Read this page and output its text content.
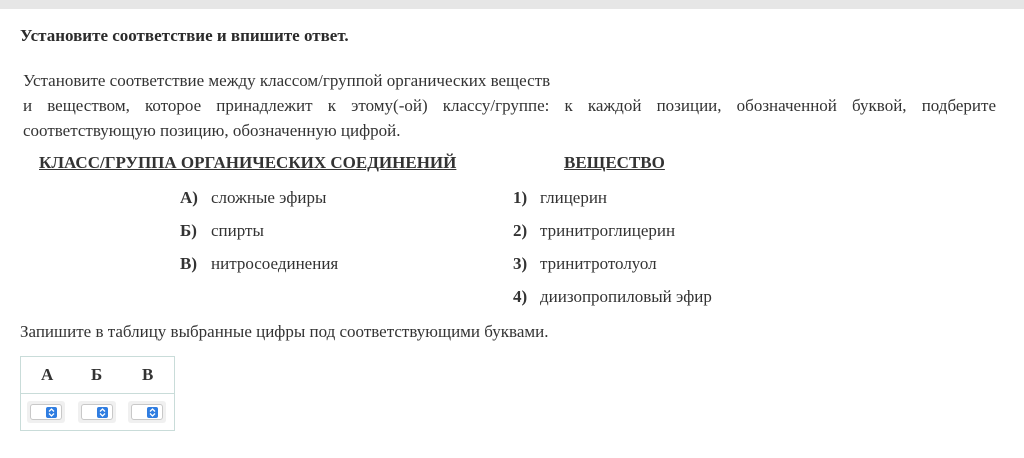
Установите соответствие и впишите ответ.
Установите соответствие между классом/группой органических веществ
и веществом, которое принадлежит к этому(-ой) классу/группе: к каждой позиции, обозначенной буквой, подберите соответствующую позицию, обозначенную цифрой.
КЛАСС/ГРУППА ОРГАНИЧЕСКИХ СОЕДИНЕНИЙ	ВЕЩЕСТВО
А) сложные эфиры
Б) спирты
В) нитросоединения
1) глицерин
2) тринитроглицерин
3) тринитротолуол
4) диизопропиловый эфир
Запишите в таблицу выбранные цифры под соответствующими буквами.
А Б В
